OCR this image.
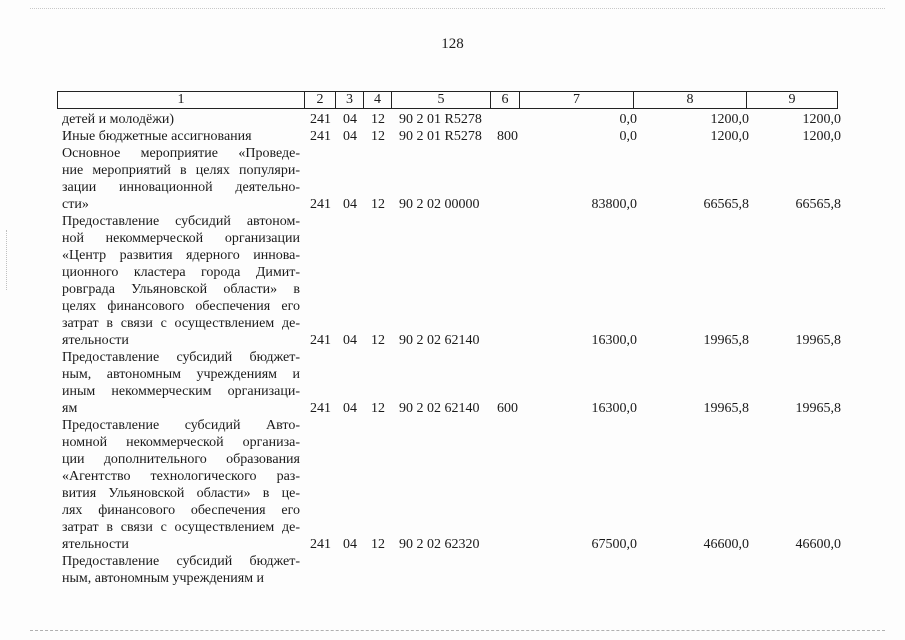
128
1	2	3	4	5	6	7	8	9
детей и молодёжи)	241 04 12 90 2 01 R5278	0,0	1200,0	1200,0
Иные бюджетные ассигнования	241 04 12 90 2 01 R5278 800	0,0	1200,0	1200,0
Основное мероприятие «Проведе-
ние мероприятий в целях популяри-
зации инновационной деятельно-
сти»	241 04 12 90 2 02 00000	83800,0	66565,8	66565,8
Предоставление субсидий автоном-
ной некоммерческой организации
«Центр развития ядерного иннова-
ционного кластера города Димит-
ровграда Ульяновской области» в
целях финансового обеспечения его
затрат в связи с осуществлением де-
ятельности	241 04 12 90 2 02 62140	16300,0	19965,8	19965,8
Предоставление субсидий бюджет-
ным, автономным учреждениям и
иным некоммерческим организаци-
ям	241 04 12 90 2 02 62140 600	16300,0	19965,8	19965,8
Предоставление субсидий Авто-
номной некоммерческой организа-
ции дополнительного образования
«Агентство технологического раз-
вития Ульяновской области» в це-
лях финансового обеспечения его
затрат в связи с осуществлением де-
ятельности	241 04 12 90 2 02 62320	67500,0	46600,0	46600,0
Предоставление субсидий бюджет-
ным, автономным учреждениям и
